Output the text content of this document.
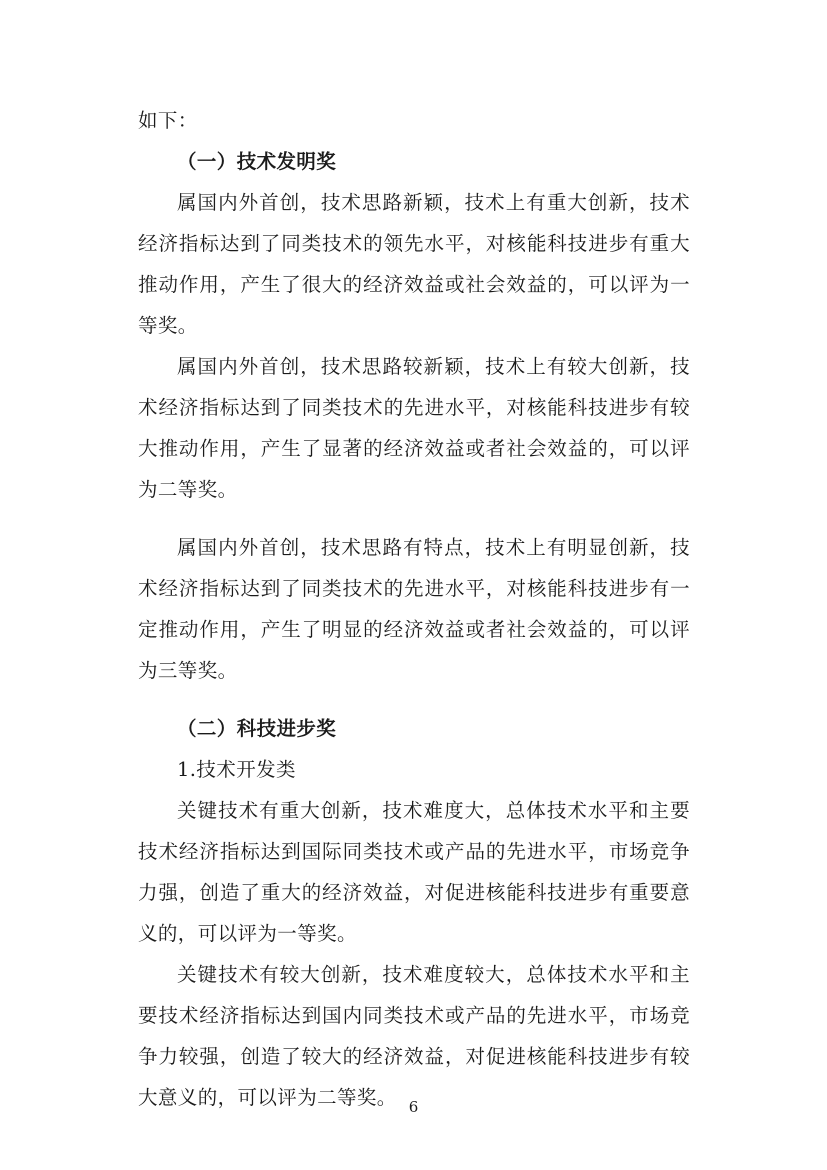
如下：

（一）技术发明奖

属国内外首创，技术思路新颖，技术上有重大创新，技术经济指标达到了同类技术的领先水平，对核能科技进步有重大推动作用，产生了很大的经济效益或社会效益的，可以评为一等奖。

属国内外首创，技术思路较新颖，技术上有较大创新，技术经济指标达到了同类技术的先进水平，对核能科技进步有较大推动作用，产生了显著的经济效益或者社会效益的，可以评为二等奖。

属国内外首创，技术思路有特点，技术上有明显创新，技术经济指标达到了同类技术的先进水平，对核能科技进步有一定推动作用，产生了明显的经济效益或者社会效益的，可以评为三等奖。

（二）科技进步奖

1.技术开发类

关键技术有重大创新，技术难度大，总体技术水平和主要技术经济指标达到国际同类技术或产品的先进水平，市场竞争力强，创造了重大的经济效益，对促进核能科技进步有重要意义的，可以评为一等奖。

关键技术有较大创新，技术难度较大，总体技术水平和主要技术经济指标达到国内同类技术或产品的先进水平，市场竞争力较强，创造了较大的经济效益，对促进核能科技进步有较大意义的，可以评为二等奖。 6
